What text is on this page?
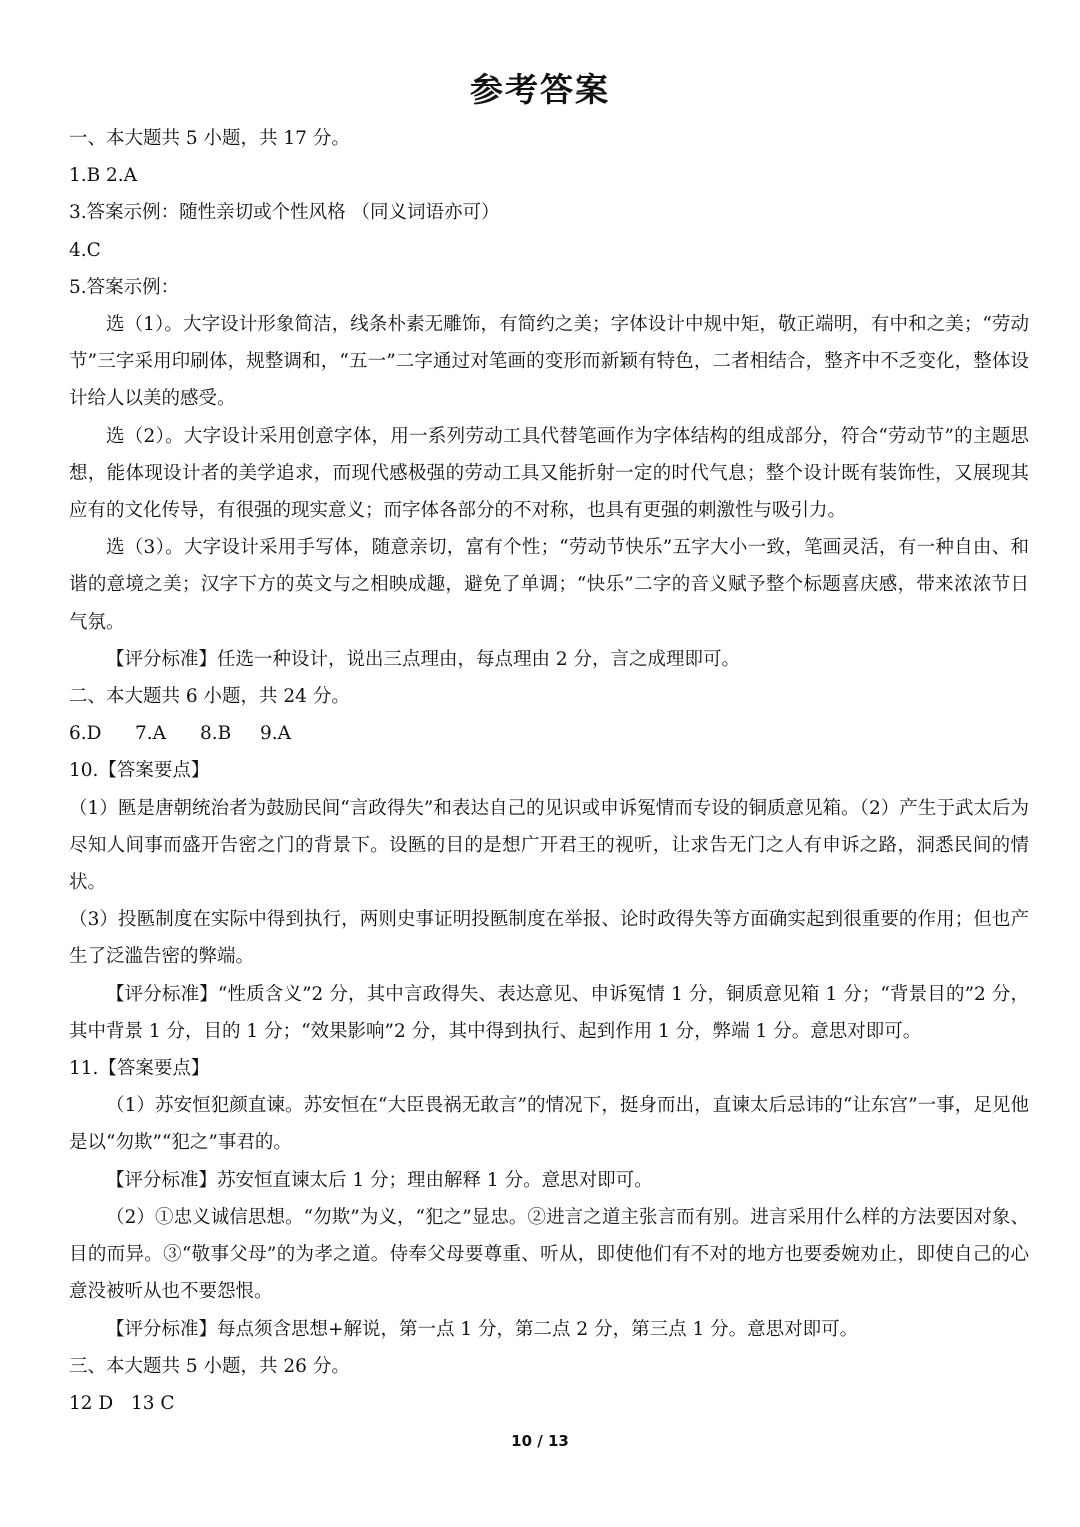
参考答案
一、本大题共 5 小题，共 17 分。
1.B 2.A
3.答案示例：随性亲切或个性风格 （同义词语亦可）
4.C
5.答案示例：
选（1）。大字设计形象简洁，线条朴素无雕饰，有简约之美；字体设计中规中矩，敬正端明，有中和之美；“劳动节”三字采用印刷体，规整调和，“五一”二字通过对笔画的变形而新颖有特色，二者相结合，整齐中不乏变化，整体设计给人以美的感受。
选（2）。大字设计采用创意字体，用一系列劳动工具代替笔画作为字体结构的组成部分，符合“劳动节”的主题思想，能体现设计者的美学追求，而现代感极强的劳动工具又能折射一定的时代气息；整个设计既有装饰性，又展现其应有的文化传导，有很强的现实意义；而字体各部分的不对称，也具有更强的刺激性与吸引力。
选（3）。大字设计采用手写体，随意亲切，富有个性；“劳动节快乐”五字大小一致，笔画灵活，有一种自由、和谐的意境之美；汉字下方的英文与之相映成趣，避免了单调；“快乐”二字的音义赋予整个标题喜庆感，带来浓浓节日气氛。
【评分标准】任选一种设计，说出三点理由，每点理由 2 分，言之成理即可。
二、本大题共 6 小题，共 24 分。
6.D 7.A 8.B 9.A
10.【答案要点】
（1）匦是唐朝统治者为鼓励民间“言政得失”和表达自己的见识或申诉冤情而专设的铜质意见箱。（2）产生于武太后为尽知人间事而盛开告密之门的背景下。设匦的目的是想广开君王的视听，让求告无门之人有申诉之路，洞悉民间的情状。
（3）投匦制度在实际中得到执行，两则史事证明投匦制度在举报、论时政得失等方面确实起到很重要的作用；但也产生了泛滥告密的弊端。
【评分标准】“性质含义”2 分，其中言政得失、表达意见、申诉冤情 1 分，铜质意见箱 1 分；“背景目的”2 分，其中背景 1 分，目的 1 分；“效果影响”2 分，其中得到执行、起到作用 1 分，弊端 1 分。意思对即可。
11.【答案要点】
（1）苏安恒犯颜直谏。苏安恒在“大臣畏祸无敢言”的情况下，挺身而出，直谏太后忌讳的“让东宫”一事，足见他是以“勿欺”“犯之”事君的。
【评分标准】苏安恒直谏太后 1 分；理由解释 1 分。意思对即可。
（2）①忠义诚信思想。“勿欺”为义，“犯之”显忠。②进言之道主张言而有别。进言采用什么样的方法要因对象、目的而异。③“敬事父母”的为孝之道。侍奉父母要尊重、听从，即使他们有不对的地方也要委婉劝止，即使自己的心意没被听从也不要怨恨。
【评分标准】每点须含思想+解说，第一点 1 分，第二点 2 分，第三点 1 分。意思对即可。
三、本大题共 5 小题，共 26 分。
12 D 13 C
10 / 13
